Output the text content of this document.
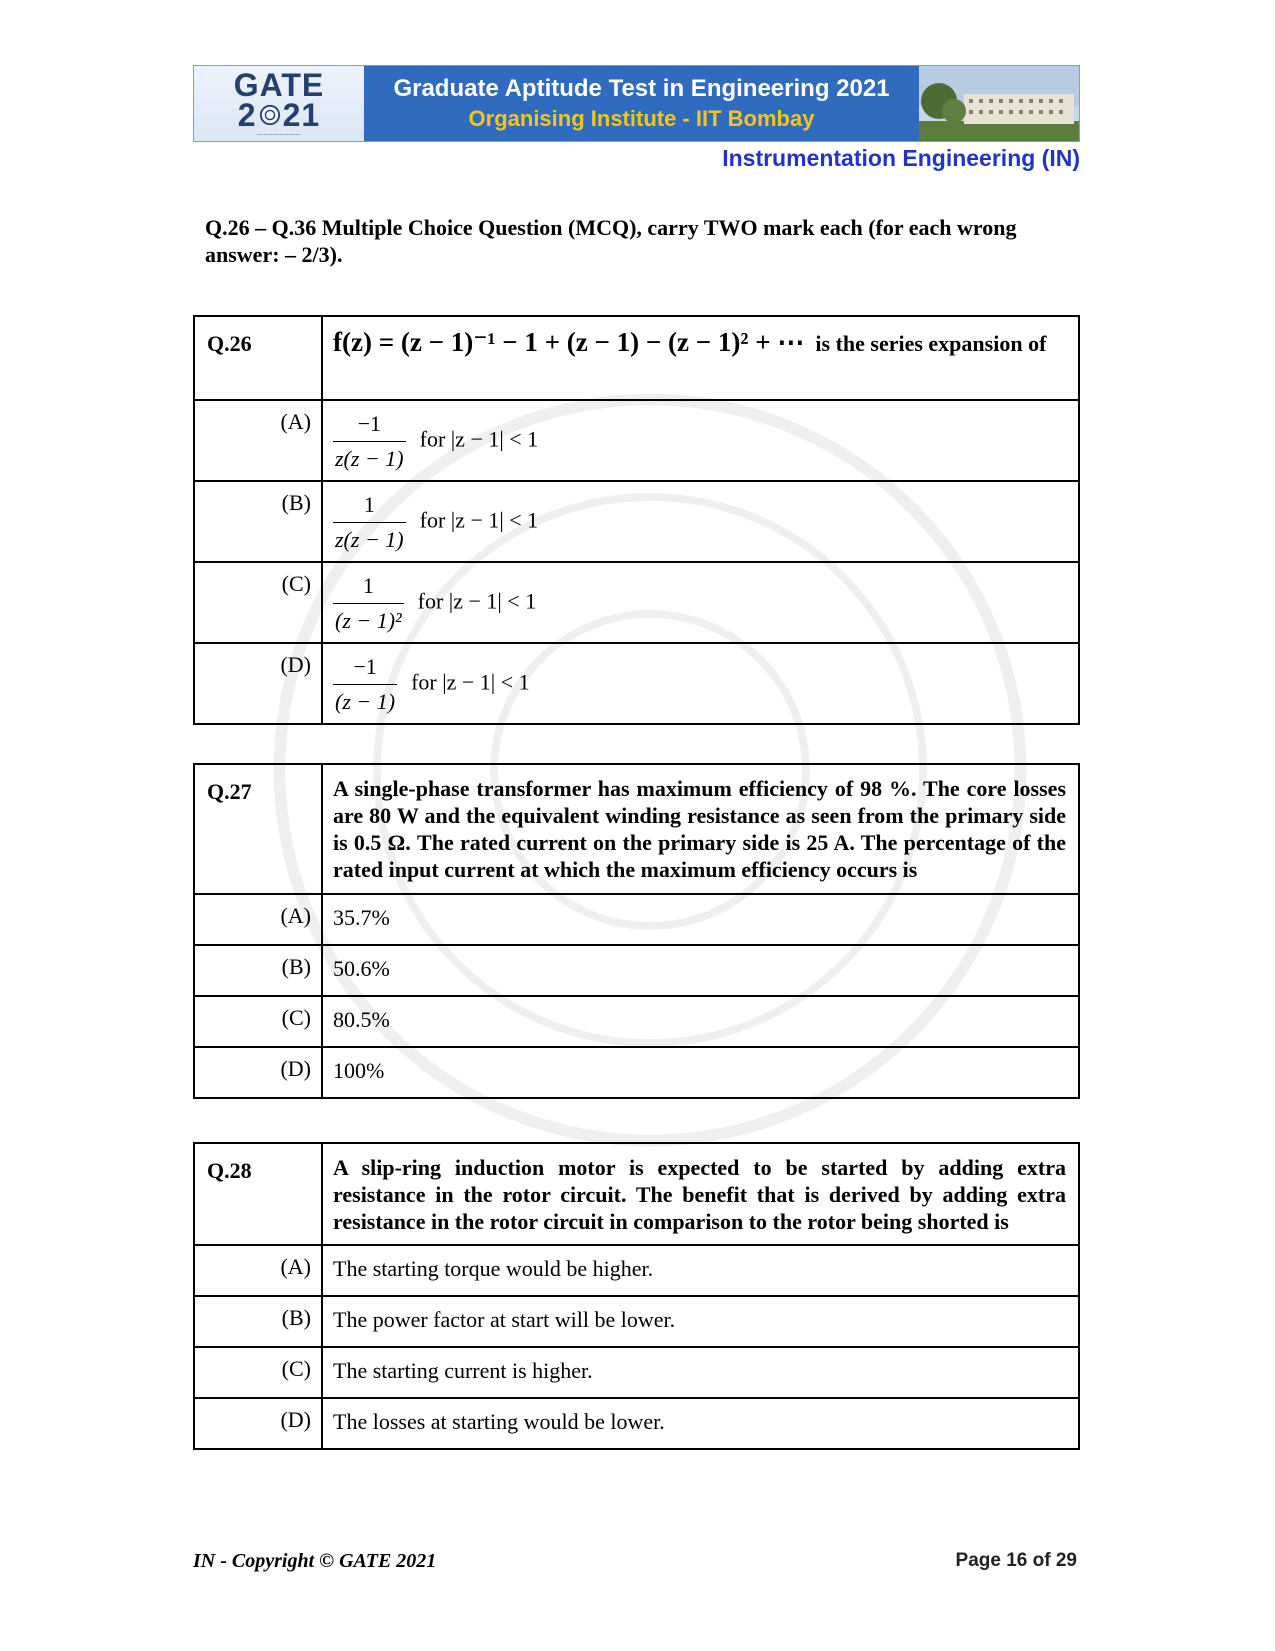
GATE
2 21
————————
Graduate Aptitude Test in Engineering 2021
Organising Institute - IIT Bombay
Instrumentation Engineering (IN)
Q.26 – Q.36 Multiple Choice Question (MCQ), carry TWO mark each (for each wrong answer: – 2/3).
Q.26	f(z) = (z − 1)⁻¹ − 1 + (z − 1) − (z − 1)² + ⋯ is the series expansion of
(A)	$\frac{-1}{z(z - 1)}$ for |z − 1| < 1
(B)	$\frac{1}{z(z - 1)}$ for |z − 1| < 1
(C)	$\frac{1}{\text{(z − 1)²}}$ for |z − 1| < 1
(D)	$\frac{-1}{(z - 1)}$ for |z − 1| < 1
Q.27	A single-phase transformer has maximum efficiency of 98 %. The core losses are 80 W and the equivalent winding resistance as seen from the primary side is 0.5 Ω. The rated current on the primary side is 25 A. The percentage of the rated input current at which the maximum efficiency occurs is
(A)	35.7%
(B)	50.6%
(C)	80.5%
(D)	100%
Q.28	A slip-ring induction motor is expected to be started by adding extra resistance in the rotor circuit. The benefit that is derived by adding extra resistance in the rotor circuit in comparison to the rotor being shorted is
(A)	The starting torque would be higher.
(B)	The power factor at start will be lower.
(C)	The starting current is higher.
(D)	The losses at starting would be lower.
IN - Copyright © GATE 2021	Page 16 of 29
